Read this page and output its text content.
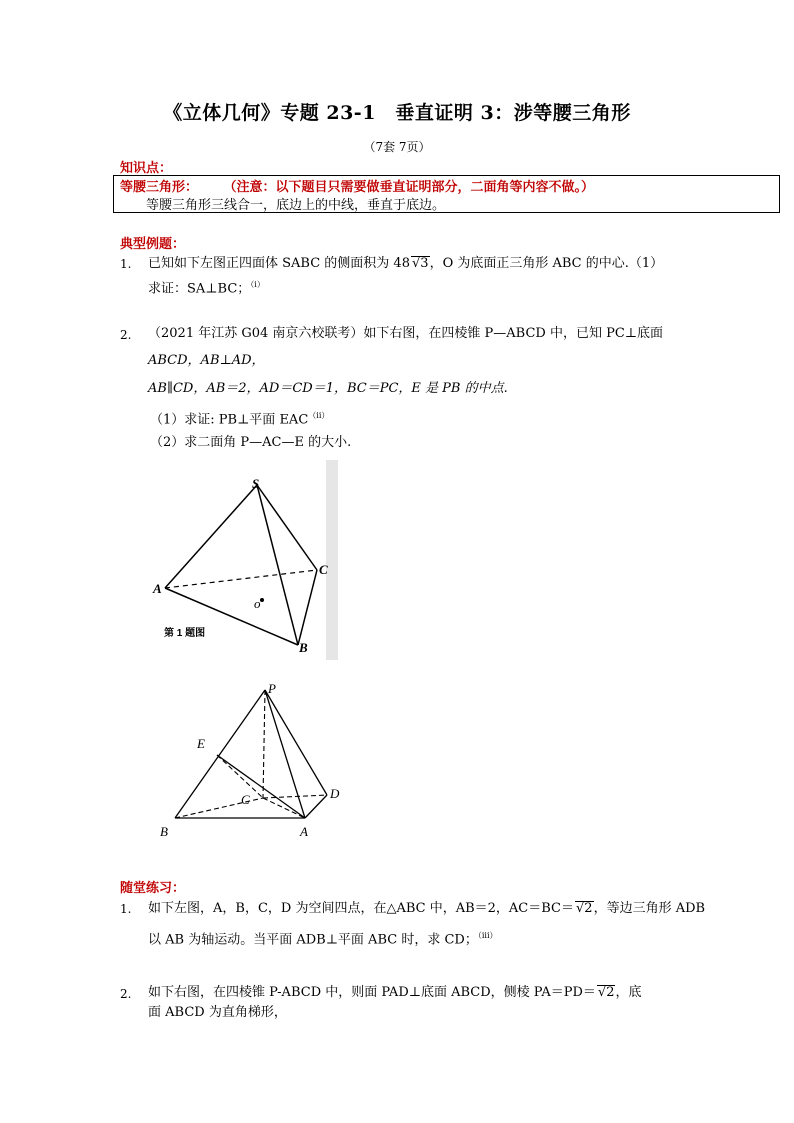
《立体几何》专题 23-1　垂直证明 3：涉等腰三角形
（7套 7页）
知识点：
等腰三角形： （注意：以下题目只需要做垂直证明部分，二面角等内容不做。）
等腰三角形三线合一，底边上的中线，垂直于底边。
典型例题：
1. 已知如下左图正四面体 SABC 的侧面积为 48 √3，O 为底面正三角形 ABC 的中心.（1）
求证：SA⊥BC；$^{(i)}$
2. （2021 年江苏 G04 南京六校联考）如下右图，在四棱锥 P—ABCD 中，已知 PC⊥底面
ABCD，AB⊥AD，
AB∥CD，AB＝2，AD＝CD＝1，BC＝PC，E 是 PB 的中点.
（1）求证: PB⊥平面 $EAC^{(ii)}$
（2）求二面角 P—AC—E 的大小.
S
A
C
B
o
第 1 题图
P
E
C	D
B	A
随堂练习：
1. 如下左图，A，B，C，D 为空间四点，在△ABC 中，AB＝2，AC＝BC＝ √2，等边三角形 ADB
以 AB 为轴运动。当平面 ADB⊥平面 ABC 时，求 CD；$^{(iii)}$
2. 如下右图，在四棱锥 P-ABCD 中，则面 PAD⊥底面 ABCD，侧棱 PA＝PD＝ √2，底
面 ABCD 为直角梯形，
